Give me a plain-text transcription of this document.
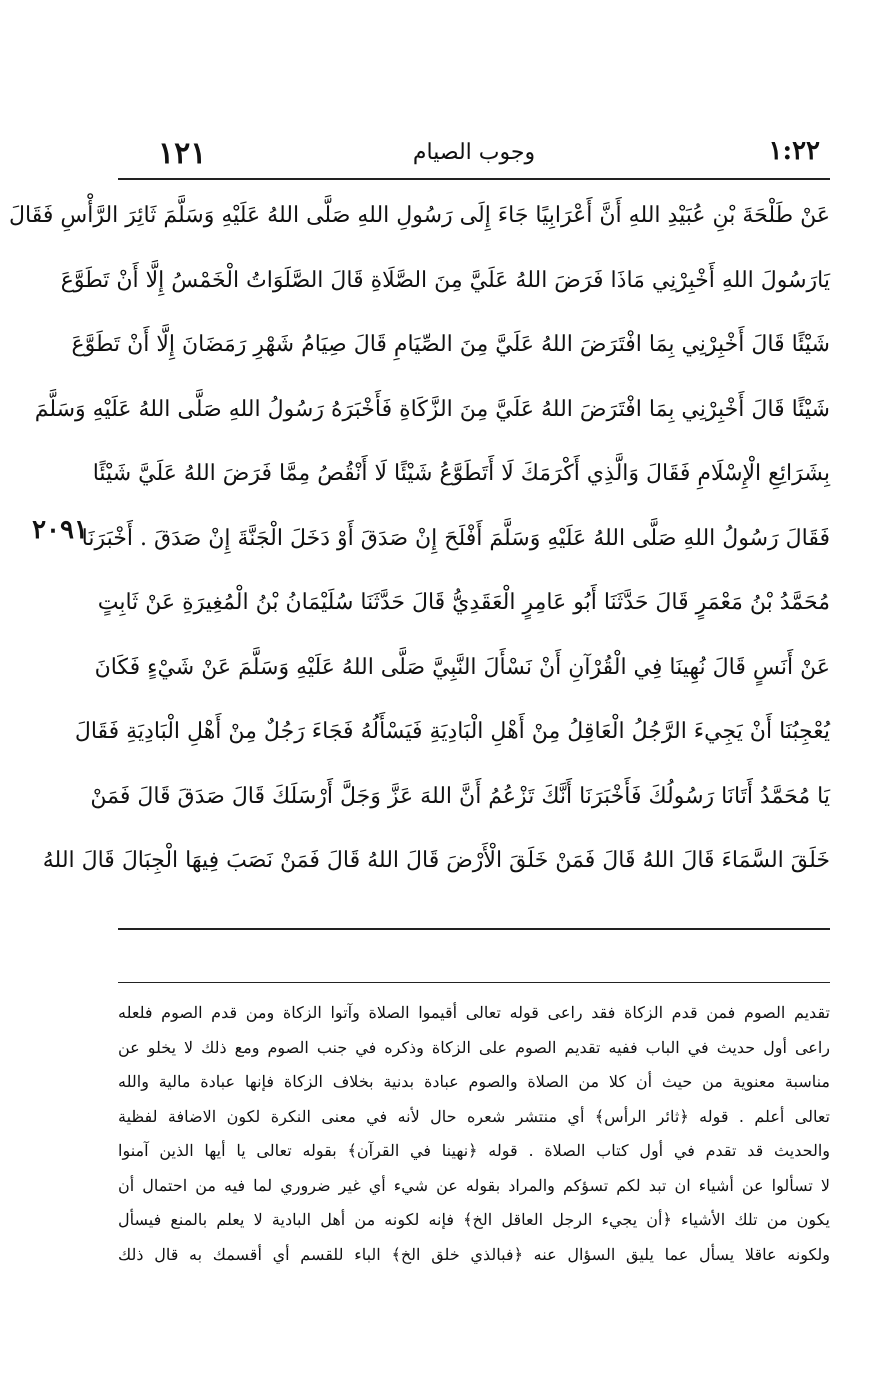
١٢١	وجوب الصيام	١:٢٢
عَنْ طَلْحَةَ بْنِ عُبَيْدِ اللهِ أَنَّ أَعْرَابِيًا جَاءَ إِلَى رَسُولِ اللهِ صَلَّى اللهُ عَلَيْهِ وَسَلَّمَ ثَائِرَ الرَّأْسِ فَقَالَ
يَارَسُولَ اللهِ أَخْبِرْنِي مَاذَا فَرَضَ اللهُ عَلَيَّ مِنَ الصَّلَاةِ قَالَ الصَّلَوَاتُ الْخَمْسُ إِلَّا أَنْ تَطَوَّعَ
شَيْئًا قَالَ أَخْبِرْنِي بِمَا افْتَرَضَ اللهُ عَلَيَّ مِنَ الصِّيَامِ قَالَ صِيَامُ شَهْرِ رَمَضَانَ إِلَّا أَنْ تَطَوَّعَ
شَيْئًا قَالَ أَخْبِرْنِي بِمَا افْتَرَضَ اللهُ عَلَيَّ مِنَ الزَّكَاةِ فَأَخْبَرَهُ رَسُولُ اللهِ صَلَّى اللهُ عَلَيْهِ وَسَلَّمَ
بِشَرَائِعِ الْإِسْلَامِ فَقَالَ وَالَّذِي أَكْرَمَكَ لَا أَتَطَوَّعُ شَيْئًا لَا أَنْقُصُ مِمَّا فَرَضَ اللهُ عَلَيَّ شَيْئًا
فَقَالَ رَسُولُ اللهِ صَلَّى اللهُ عَلَيْهِ وَسَلَّمَ أَفْلَحَ إِنْ صَدَقَ أَوْ دَخَلَ الْجَنَّةَ إِنْ صَدَقَ . أَخْبَرَنَا
مُحَمَّدُ بْنُ مَعْمَرٍ قَالَ حَدَّثَنَا أَبُو عَامِرٍ الْعَقَدِيُّ قَالَ حَدَّثَنَا سُلَيْمَانُ بْنُ الْمُغِيرَةِ عَنْ ثَابِتٍ
عَنْ أَنَسٍ قَالَ نُهِينَا فِي الْقُرْآنِ أَنْ نَسْأَلَ النَّبِيَّ صَلَّى اللهُ عَلَيْهِ وَسَلَّمَ عَنْ شَيْءٍ فَكَانَ
يُعْجِبُنَا أَنْ يَجِيءَ الرَّجُلُ الْعَاقِلُ مِنْ أَهْلِ الْبَادِيَةِ فَيَسْأَلُهُ فَجَاءَ رَجُلٌ مِنْ أَهْلِ الْبَادِيَةِ فَقَالَ
يَا مُحَمَّدُ أَتَانَا رَسُولُكَ فَأَخْبَرَنَا أَنَّكَ تَزْعُمُ أَنَّ اللهَ عَزَّ وَجَلَّ أَرْسَلَكَ قَالَ صَدَقَ قَالَ فَمَنْ
خَلَقَ السَّمَاءَ قَالَ اللهُ قَالَ فَمَنْ خَلَقَ الْأَرْضَ قَالَ اللهُ قَالَ فَمَنْ نَصَبَ فِيهَا الْجِبَالَ قَالَ اللهُ
٢٠٩١
تقديم الصوم فمن قدم الزكاة فقد راعى قوله تعالى أقيموا الصلاة وآتوا الزكاة ومن قدم الصوم فلعله
راعى أول حديث في الباب ففيه تقديم الصوم على الزكاة وذكره في جنب الصوم ومع ذلك لا يخلو عن
مناسبة معنوية من حيث أن كلا من الصلاة والصوم عبادة بدنية بخلاف الزكاة فإنها عبادة مالية والله
تعالى أعلم . قوله ﴿ثائر الرأس﴾ أي منتشر شعره حال لأنه في معنى النكرة لكون الاضافة لفظية
والحديث قد تقدم في أول كتاب الصلاة . قوله ﴿نهينا في القرآن﴾ بقوله تعالى يا أيها الذين آمنوا
لا تسألوا عن أشياء ان تبد لكم تسؤكم والمراد بقوله عن شيء أي غير ضروري لما فيه من احتمال أن
يكون من تلك الأشياء ﴿أن يجيء الرجل العاقل الخ﴾ فإنه لكونه من أهل البادية لا يعلم بالمنع فيسأل
ولكونه عاقلا يسأل عما يليق السؤال عنه ﴿فبالذي خلق الخ﴾ الباء للقسم أي أقسمك به قال ذلك
